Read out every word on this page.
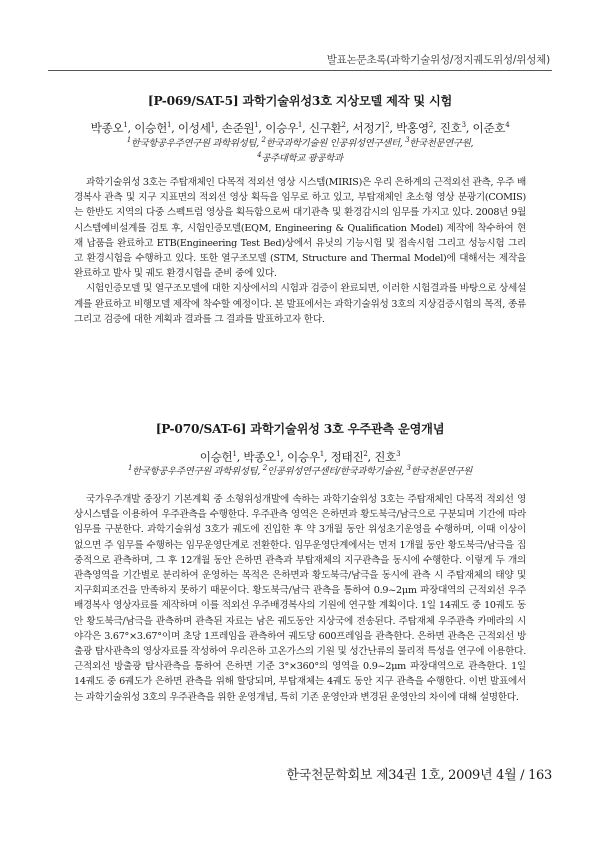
발표논문초록(과학기술위성/정지궤도위성/위성체)
[P-069/SAT-5] 과학기술위성3호 지상모델 제작 및 시험
박종오$^1$, 이승헌$^1$, 이성세$^1$, 손준원$^1$, 이승우$^1$, 신구환$^2$, 서정기$^2$, 박홍영$^2$, 진호$^3$, 이준호$^4$
$^1$한국항공우주연구원 과학위성팀, $^2$한국과학기술원 인공위성연구센터, $^3$한국천문연구원,
$^4$공주대학교 광공학과

과학기술위성 3호는 주탑재체인 다목적 적외선 영상 시스템(MIRIS)은 우리 은하계의 근적외선 관측, 우주 배경복사 관측 및 지구 지표면의 적외선 영상 획득을 임무로 하고 있고, 부탑재체인 초소형 영상 분광기(COMIS)는 한반도 지역의 다중 스펙트럼 영상을 획득함으로써 대기관측 및 환경감시의 임무를 가지고 있다. 2008년 9월 시스템예비설계를 검토 후, 시험인증모델(EQM, Engineering & Qualification Model) 제작에 착수하여 현재 납품을 완료하고 ETB(Engineering Test Bed)상에서 유닛의 기능시험 및 접속시험 그리고 성능시험 그리고 환경시험을 수행하고 있다. 또한 열구조모델 (STM, Structure and Thermal Model)에 대해서는 제작을 완료하고 발사 및 궤도 환경시험을 준비 중에 있다.

시험인증모델 및 열구조모델에 대한 지상에서의 시험과 검증이 완료되면, 이러한 시험결과를 바탕으로 상세설계를 완료하고 비행모델 제작에 착수할 예정이다. 본 발표에서는 과학기술위성 3호의 지상검증시험의 목적, 종류 그리고 검증에 대한 계획과 결과를 그 결과를 발표하고자 한다.

[P-070/SAT-6] 과학기술위성 3호 우주관측 운영개념
이승헌$^1$, 박종오$^1$, 이승우$^1$, 정태진$^2$, 진호$^3$
$^1$한국항공우주연구원 과학위성팀, $^2$인공위성연구센터/한국과학기술원, $^3$한국천문연구원

국가우주개발 중장기 기본계획 중 소형위성개발에 속하는 과학기술위성 3호는 주탑재체인 다목적 적외선 영상시스템을 이용하여 우주관측을 수행한다. 우주관측 영역은 은하면과 황도북극/남극으로 구분되며 기간에 따라 임무를 구분한다. 과학기술위성 3호가 궤도에 진입한 후 약 3개월 동안 위성초기운영을 수행하며, 이때 이상이 없으면 주 임무를 수행하는 임무운영단계로 전환한다. 임무운영단계에서는 먼저 1개월 동안 황도북극/남극을 집중적으로 관측하며, 그 후 12개월 동안 은하면 관측과 부탑재체의 지구관측을 동시에 수행한다. 이렇게 두 개의 관측영역을 기간별로 분리하여 운영하는 목적은 은하면과 황도북극/남극을 동시에 관측 시 주탑재체의 태양 및 지구회피조건을 만족하지 못하기 때문이다. 황도북극/남극 관측을 통하여 0.9~2μm 파장대역의 근적외선 우주배경복사 영상자료를 제작하며 이를 적외선 우주배경복사의 기원에 연구할 계획이다. 1일 14궤도 중 10궤도 동안 황도북극/남극을 관측하며 관측된 자료는 남은 궤도동안 지상국에 전송된다. 주탑재체 우주관측 카메라의 시야각은 3.67°×3.67°이며 초당 1프레임을 관측하여 궤도당 600프레임을 관측한다. 은하면 관측은 근적외선 방출광 탐사관측의 영상자료를 작성하여 우리은하 고온가스의 기원 및 성간난류의 물리적 특성을 연구에 이용한다. 근적외선 방출광 탐사관측을 통하여 은하면 기준 3°×360°의 영역을 0.9~2μm 파장대역으로 관측한다. 1일 14궤도 중 6궤도가 은하면 관측을 위해 할당되며, 부탑재체는 4궤도 동안 지구 관측을 수행한다. 이번 발표에서는 과학기술위성 3호의 우주관측을 위한 운영개념, 특히 기존 운영안과 변경된 운영안의 차이에 대해 설명한다.

한국천문학회보 제34권 1호, 2009년 4월 / 163
